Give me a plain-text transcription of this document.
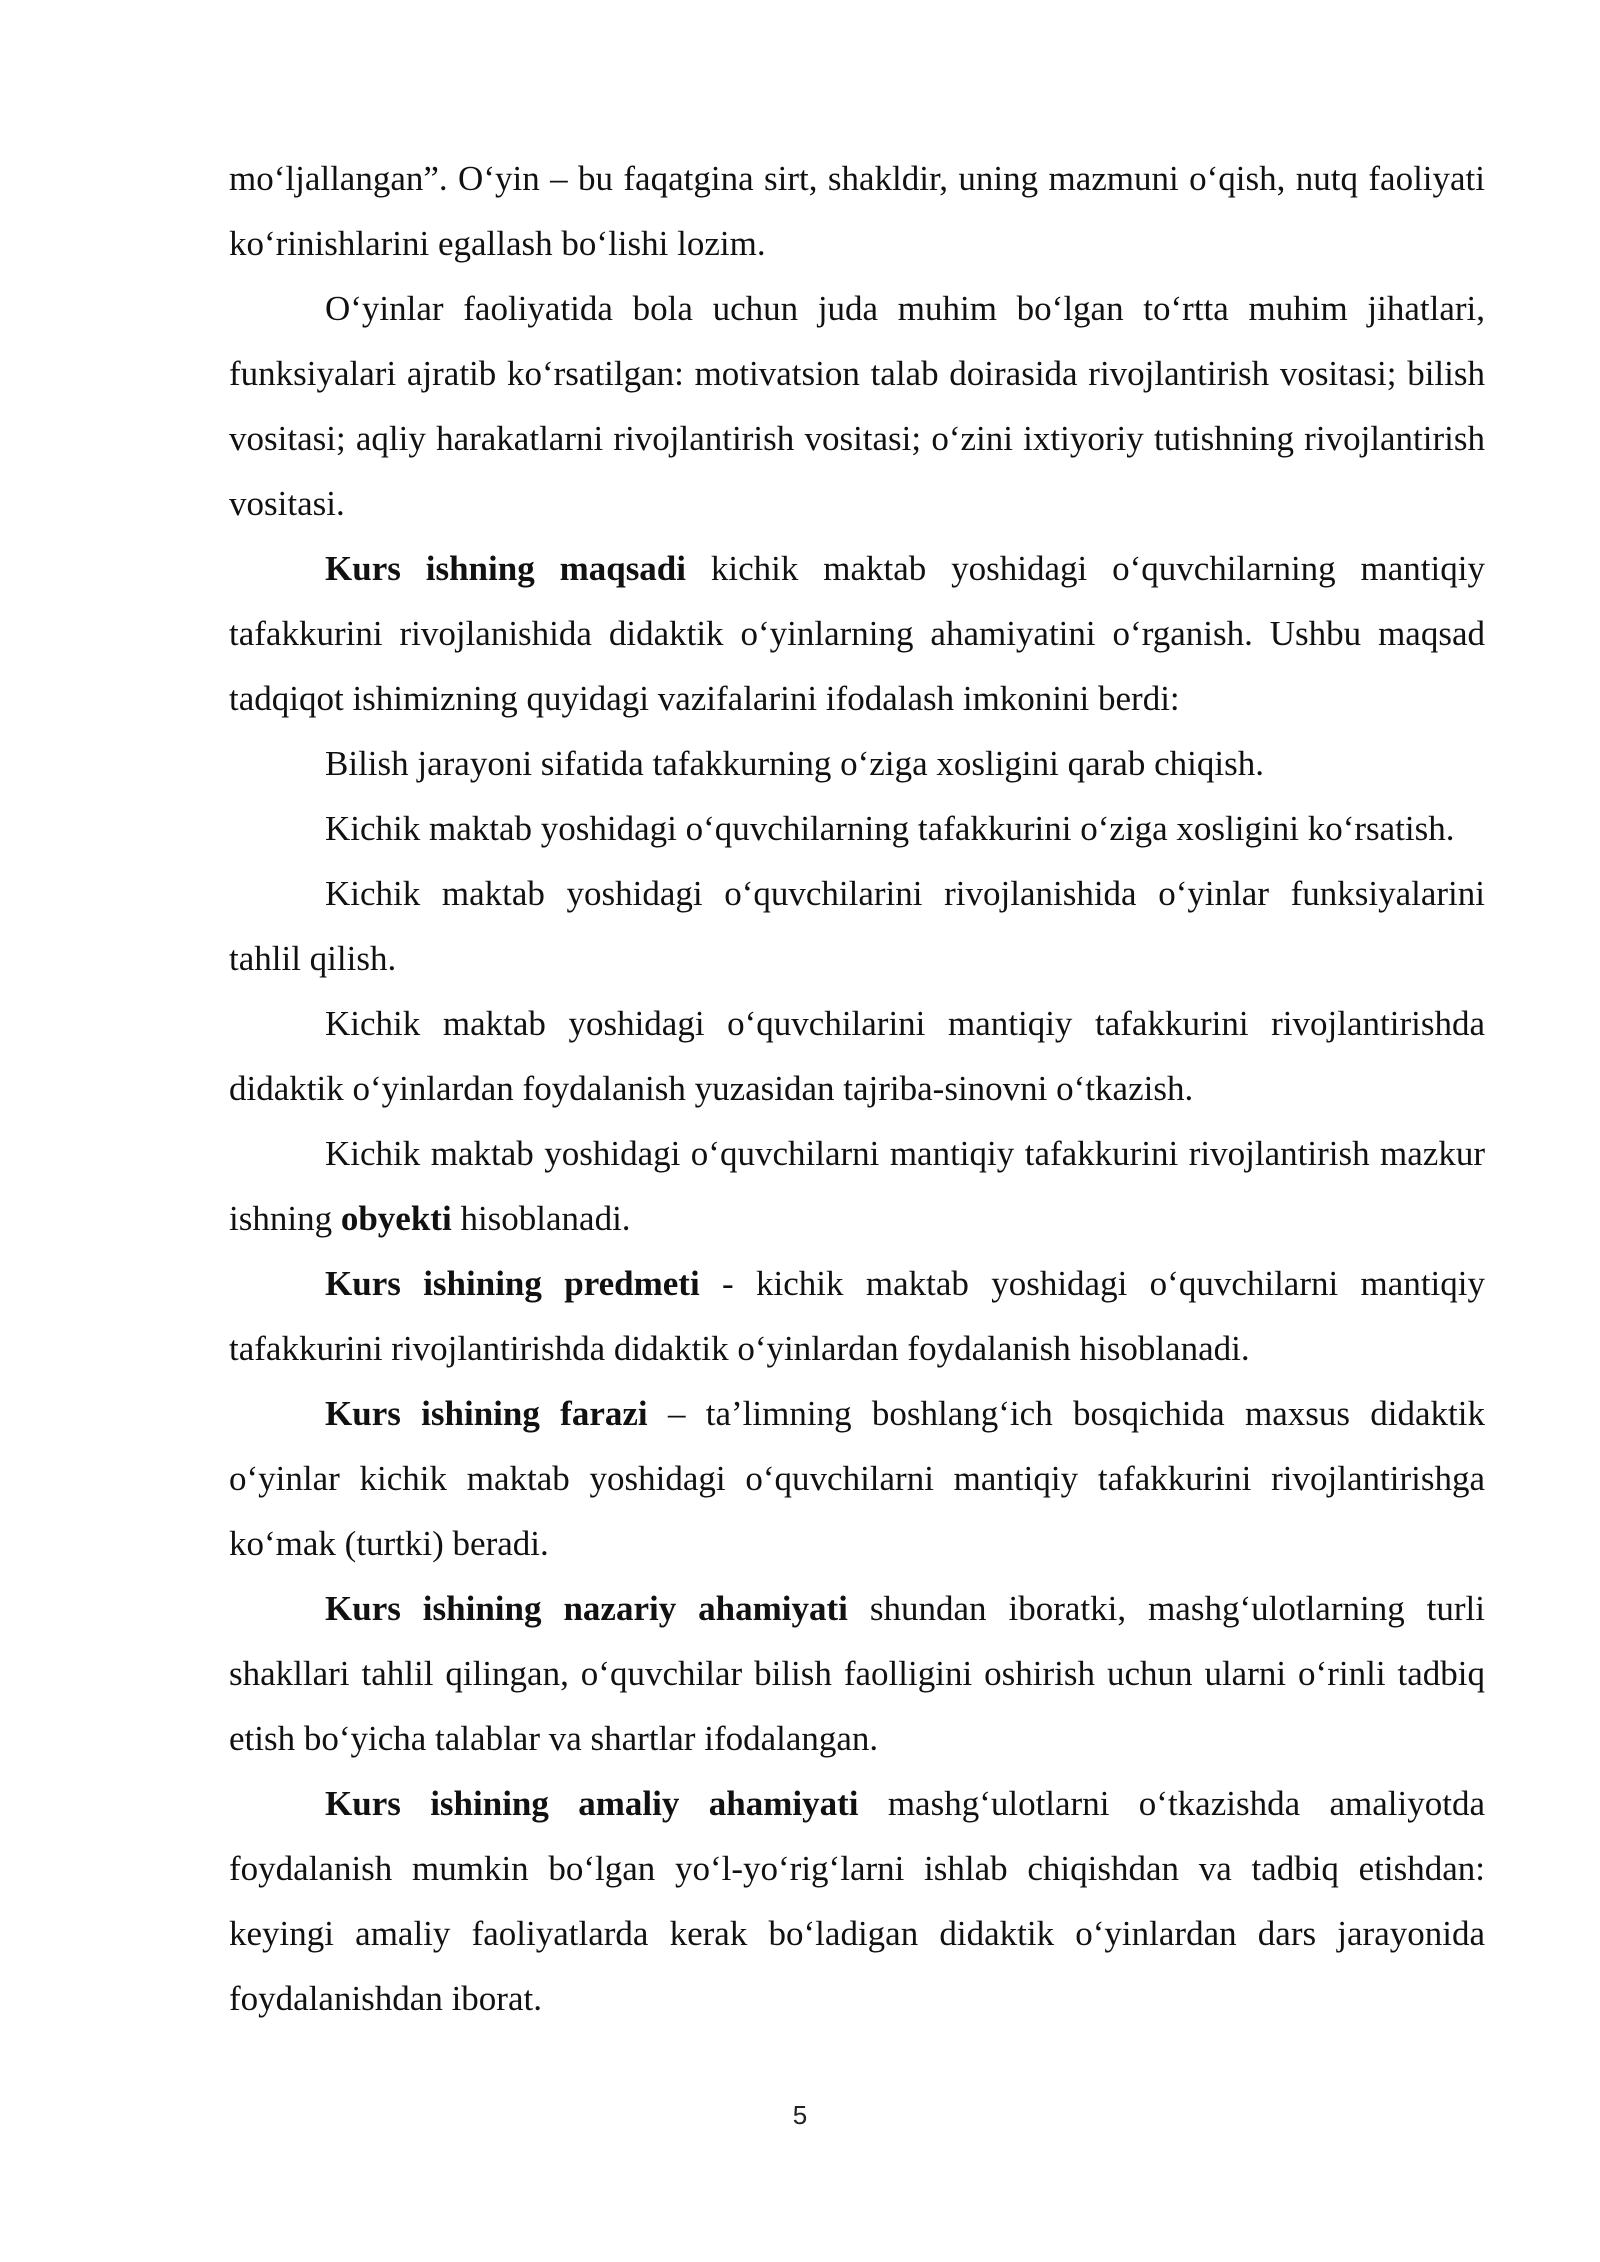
mo‘ljallangan”. O‘yin – bu faqatgina sirt, shakldir, uning mazmuni o‘qish, nutq faoliyati ko‘rinishlarini egallash bo‘lishi lozim.

O‘yinlar faoliyatida bola uchun juda muhim bo‘lgan to‘rtta muhim jihatlari, funksiyalari ajratib ko‘rsatilgan: motivatsion talab doirasida rivojlantirish vositasi; bilish vositasi; aqliy harakatlarni rivojlantirish vositasi; o‘zini ixtiyoriy tutishning rivojlantirish vositasi.

Kurs ishning maqsadi kichik maktab yoshidagi o‘quvchilarning mantiqiy tafakkurini rivojlanishida didaktik o‘yinlarning ahamiyatini o‘rganish. Ushbu maqsad tadqiqot ishimizning quyidagi vazifalarini ifodalash imkonini berdi:

Bilish jarayoni sifatida tafakkurning o‘ziga xosligini qarab chiqish.

Kichik maktab yoshidagi o‘quvchilarning tafakkurini o‘ziga xosligini ko‘rsatish.

Kichik maktab yoshidagi o‘quvchilarini rivojlanishida o‘yinlar funksiyalarini tahlil qilish.

Kichik maktab yoshidagi o‘quvchilarini mantiqiy tafakkurini rivojlantirishda didaktik o‘yinlardan foydalanish yuzasidan tajriba-sinovni o‘tkazish.

Kichik maktab yoshidagi o‘quvchilarni mantiqiy tafakkurini rivojlantirish mazkur ishning obyekti hisoblanadi.

Kurs ishining predmeti - kichik maktab yoshidagi o‘quvchilarni mantiqiy tafakkurini rivojlantirishda didaktik o‘yinlardan foydalanish hisoblanadi.

Kurs ishining farazi – ta’limning boshlang‘ich bosqichida maxsus didaktik o‘yinlar kichik maktab yoshidagi o‘quvchilarni mantiqiy tafakkurini rivojlantirishga ko‘mak (turtki) beradi.

Kurs ishining nazariy ahamiyati shundan iboratki, mashg‘ulotlarning turli shakllari tahlil qilingan, o‘quvchilar bilish faolligini oshirish uchun ularni o‘rinli tadbiq etish bo‘yicha talablar va shartlar ifodalangan.

Kurs ishining amaliy ahamiyati mashg‘ulotlarni o‘tkazishda amaliyotda foydalanish mumkin bo‘lgan yo‘l-yo‘rig‘larni ishlab chiqishdan va tadbiq etishdan: keyingi amaliy faoliyatlarda kerak bo‘ladigan didaktik o‘yinlardan dars jarayonida foydalanishdan iborat.

5
